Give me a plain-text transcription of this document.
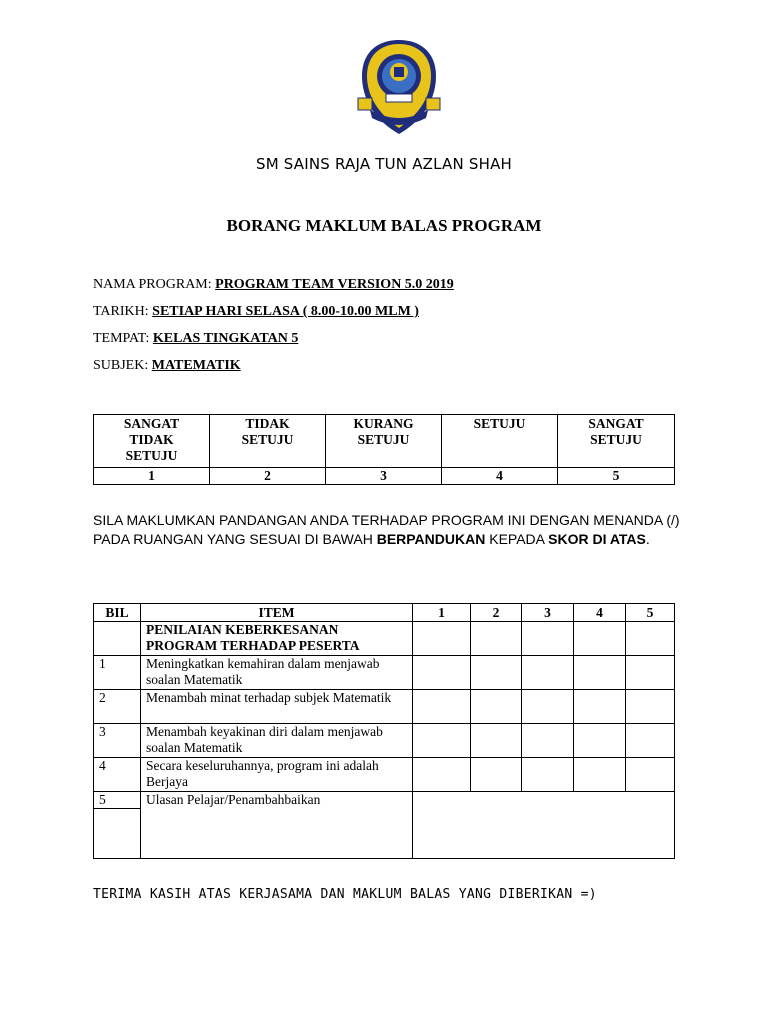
SM SAINS RAJA TUN AZLAN SHAH
BORANG MAKLUM BALAS PROGRAM
NAMA PROGRAM: PROGRAM TEAM VERSION 5.0 2019
TARIKH: SETIAP HARI SELASA ( 8.00-10.00 MLM )
TEMPAT: KELAS TINGKATAN 5
SUBJEK: MATEMATIK
SANGAT TIDAK SETUJU	TIDAK SETUJU	KURANG SETUJU	SETUJU	SANGAT SETUJU
1	2	3	4	5
SILA MAKLUMKAN PANDANGAN ANDA TERHADAP PROGRAM INI DENGAN MENANDA (/) PADA RUANGAN YANG SESUAI DI BAWAH BERPANDUKAN KEPADA SKOR DI ATAS.
BIL	ITEM	1	2	3	4	5
	PENILAIAN KEBERKESANAN PROGRAM TERHADAP PESERTA					
1	Meningkatkan kemahiran dalam menjawab soalan Matematik					
2	Menambah minat terhadap subjek Matematik					
3	Menambah keyakinan diri dalam menjawab soalan Matematik					
4	Secara keseluruhannya, program ini adalah Berjaya					
5	Ulasan Pelajar/Penambahbaikan					

TERIMA KASIH ATAS KERJASAMA DAN MAKLUM BALAS YANG DIBERIKAN =)
